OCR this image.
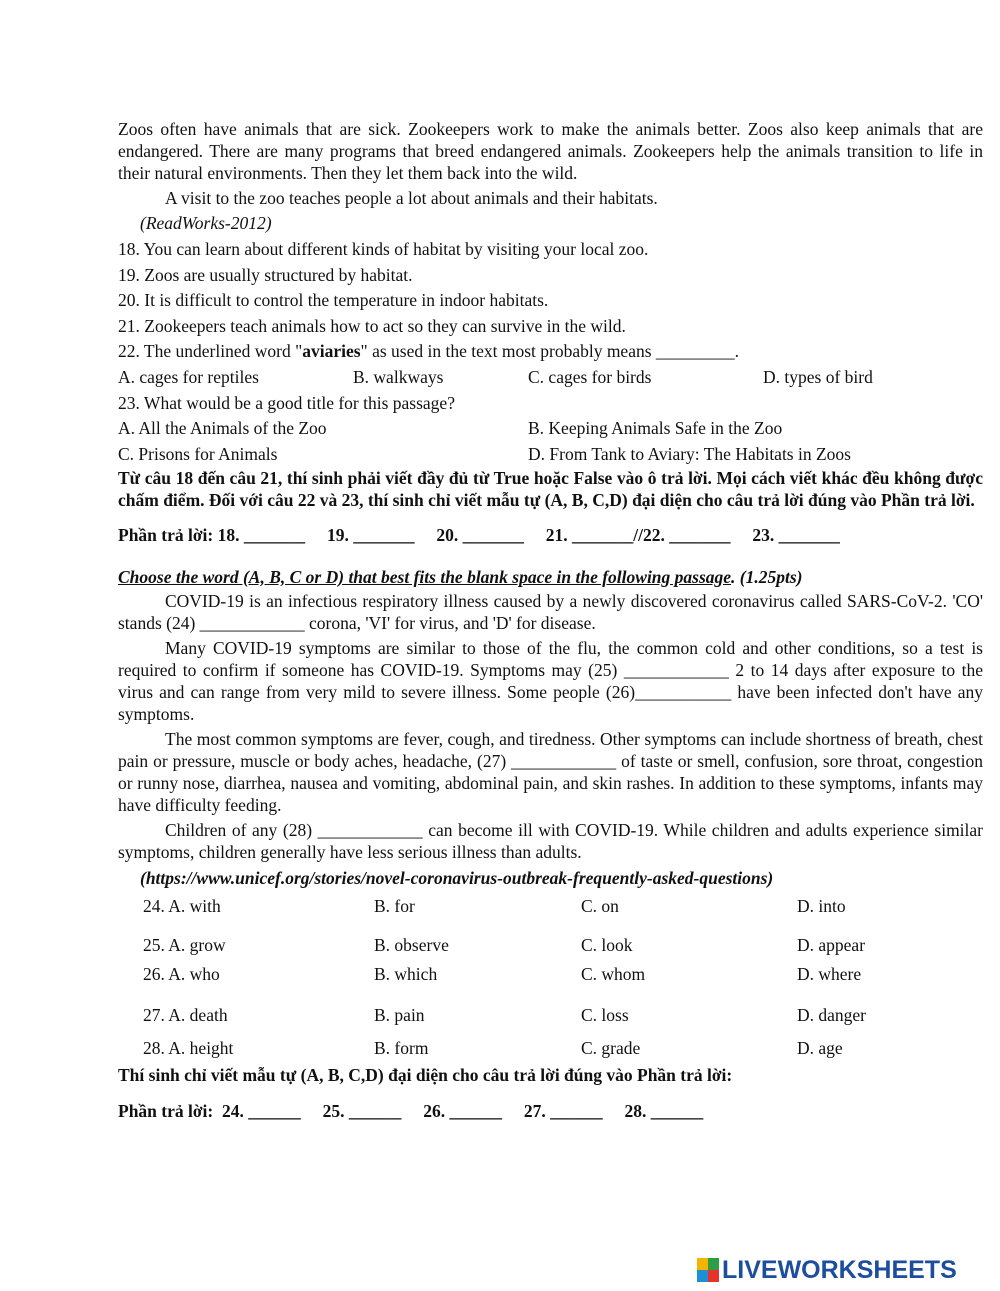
Zoos often have animals that are sick. Zookeepers work to make the animals better. Zoos also keep animals that are endangered. There are many programs that breed endangered animals. Zookeepers help the animals transition to life in their natural environments. Then they let them back into the wild.

A visit to the zoo teaches people a lot about animals and their habitats.

(ReadWorks-2012)

18. You can learn about different kinds of habitat by visiting your local zoo.

19. Zoos are usually structured by habitat.

20. It is difficult to control the temperature in indoor habitats.

21. Zookeepers teach animals how to act so they can survive in the wild.

22. The underlined word "aviaries" as used in the text most probably means _________.

A. cages for reptiles	B. walkways	C. cages for birds	D. types of bird

23. What would be a good title for this passage?

A. All the Animals of the Zoo	B. Keeping Animals Safe in the Zoo
C. Prisons for Animals	D. From Tank to Aviary: The Habitats in Zoos

Từ câu 18 đến câu 21, thí sinh phải viết đầy đủ từ True hoặc False vào ô trả lời. Mọi cách viết khác đều không được chấm điểm. Đối với câu 22 và 23, thí sinh chỉ viết mẫu tự (A, B, C,D) đại diện cho câu trả lời đúng vào Phần trả lời.

Phần trả lời: 18. _______     19. _______     20. _______     21. _______//22. _______     23. _______

Choose the word (A, B, C or D) that best fits the blank space in the following passage. (1.25pts)

COVID-19 is an infectious respiratory illness caused by a newly discovered coronavirus called SARS-CoV-2. 'CO' stands (24) ____________ corona, 'VI' for virus, and 'D' for disease.

Many COVID-19 symptoms are similar to those of the flu, the common cold and other conditions, so a test is required to confirm if someone has COVID-19. Symptoms may (25) ____________ 2 to 14 days after exposure to the virus and can range from very mild to severe illness. Some people (26)___________ have been infected don't have any symptoms.

The most common symptoms are fever, cough, and tiredness. Other symptoms can include shortness of breath, chest pain or pressure, muscle or body aches, headache, (27) ____________ of taste or smell, confusion, sore throat, congestion or runny nose, diarrhea, nausea and vomiting, abdominal pain, and skin rashes. In addition to these symptoms, infants may have difficulty feeding.

Children of any (28) ____________ can become ill with COVID-19. While children and adults experience similar symptoms, children generally have less serious illness than adults.

(https://www.unicef.org/stories/novel-coronavirus-outbreak-frequently-asked-questions)

24. A. with	B. for	C. on	D. into
25. A. grow	B. observe	C. look	D. appear
26. A. who	B. which	C. whom	D. where
27. A. death	B. pain	C. loss	D. danger
28. A. height	B. form	C. grade	D. age

Thí sinh chỉ viết mẫu tự (A, B, C,D) đại diện cho câu trả lời đúng vào Phần trả lời:

Phần trả lời:  24. ______     25. ______     26. ______     27. ______     28. ______

LIVEWORKSHEETS
